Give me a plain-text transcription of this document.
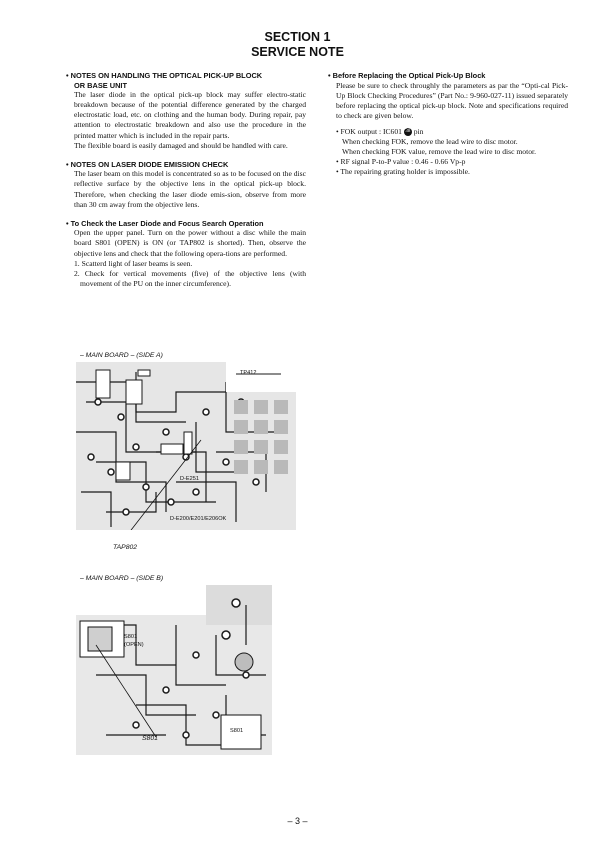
SECTION 1
SERVICE NOTE
• NOTES ON HANDLING THE OPTICAL PICK-UP BLOCK
OR BASE UNIT

The laser diode in the optical pick-up block may suffer electro-static breakdown because of the potential difference generated by the charged electrostatic load, etc. on clothing and the human body. During repair, pay attention to electrostatic breakdown and also use the procedure in the printed matter which is included in the repair parts.

The flexible board is easily damaged and should be handled with care.

• NOTES ON LASER DIODE EMISSION CHECK

The laser beam on this model is concentrated so as to be focused on the disc reflective surface by the objective lens in the optical pick-up block. Therefore, when checking the laser diode emis-sion, observe from more than 30 cm away from the objective lens.

• To Check the Laser Diode and Focus Search Operation

Open the upper panel. Turn on the power without a disc while the main board S801 (OPEN) is ON (or TAP802 is shorted). Then, observe the objective lens and check that the following opera-tions are performed.

1. Scatterd light of laser beams is seen.

2. Check for vertical movements (five) of the objective lens (with movement of the PU on the inner circumference).

• Before Replacing the Optical Pick-Up Block

Please be sure to check throughly the parameters as par the “Opti-cal Pick-Up Block Checking Procedures” (Part No.: 9-960-027-11) issued separately before replacing the optical pick-up block. Note and specifications required to check are given below.

• FOK output : IC601 38 pin

When checking FOK, remove the lead wire to disc motor.

When checking FOK value, remove the lead wire to disc motor.

• RF signal P-to-P value : 0.46 - 0.66 Vp-p

• The repairing grating holder is impossible.

– MAIN BOARD – (SIDE A)
TP412
D-E251
D-E200/E201/E206OK
TAP802
– MAIN BOARD – (SIDE B)
S801
(OPEN)
S801
S801
– 3 –
